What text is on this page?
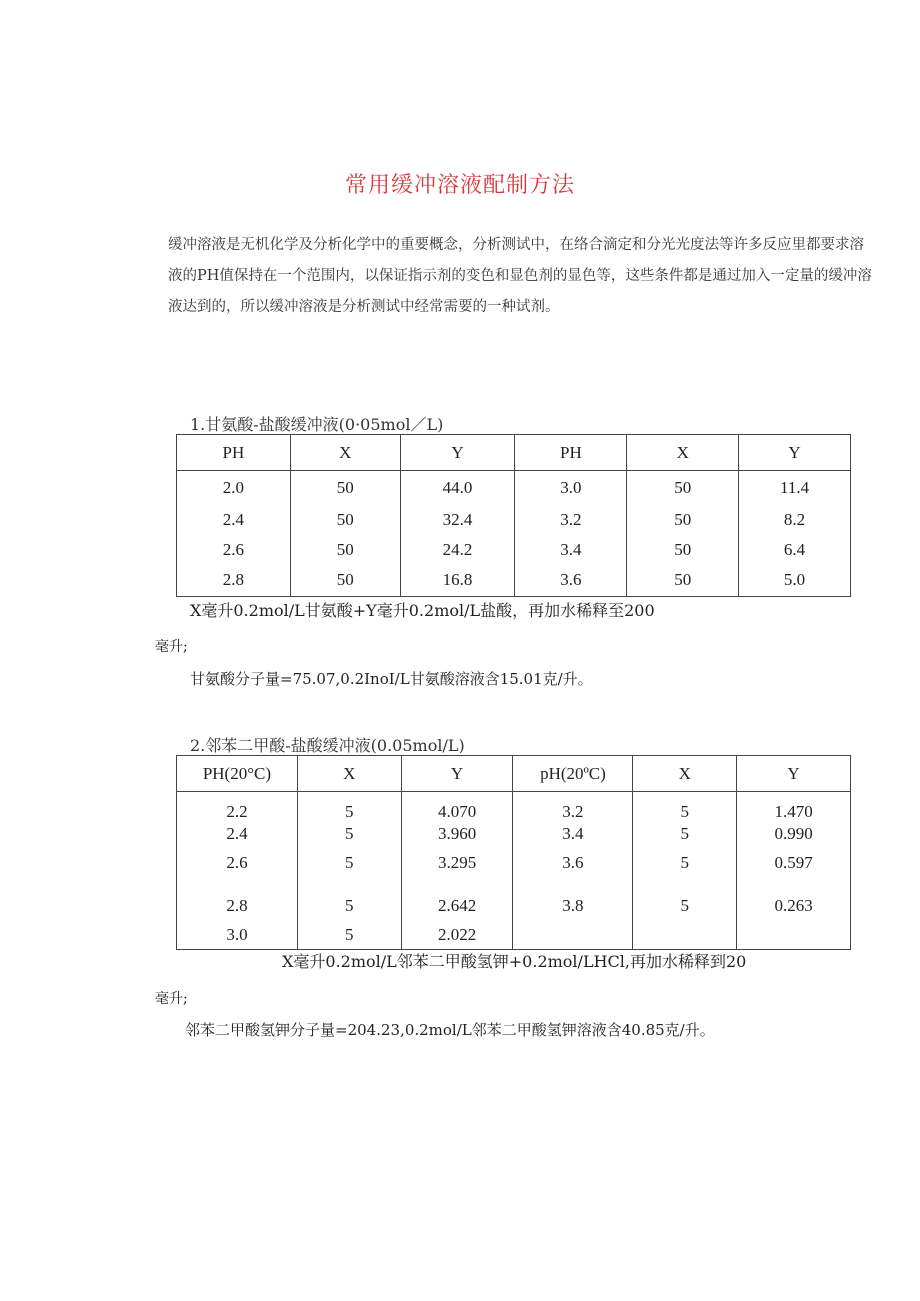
常用缓冲溶液配制方法
缓冲溶液是无机化学及分析化学中的重要概念，分析测试中，在络合滴定和分光光度法等许多反应里都要求溶液的PH值保持在一个范围内，以保证指示剂的变色和显色剂的显色等，这些条件都是通过加入一定量的缓冲溶液达到的，所以缓冲溶液是分析测试中经常需要的一种试剂。
1.甘氨酸-盐酸缓冲液(0·05mol／L)
PH	X	Y	PH	X	Y
2.0	50	44.0	3.0	50	11.4
2.4	50	32.4	3.2	50	8.2
2.6	50	24.2	3.4	50	6.4
2.8	50	16.8	3.6	50	5.0
X毫升0.2mol/L甘氨酸+Y毫升0.2mol/L盐酸，再加水稀释至200
毫升;
甘氨酸分子量=75.07,0.2InoI/L甘氨酸溶液含15.01克/升。
2.邻苯二甲酸-盐酸缓冲液(0.05mol/L)
PH(20°C)	X	Y	pH(20ºC)	X	Y
2.2	5	4.070	3.2	5	1.470
2.4	5	3.960	3.4	5	0.990
2.6	5	3.295	3.6	5	0.597
2.8	5	2.642	3.8	5	0.263
3.0	5	2.022			
X毫升0.2mol/L邻苯二甲酸氢钾+0.2mol/LHCl,再加水稀释到20
毫升;
邻苯二甲酸氢钾分子量=204.23,0.2mol/L邻苯二甲酸氢钾溶液含40.85克/升。
